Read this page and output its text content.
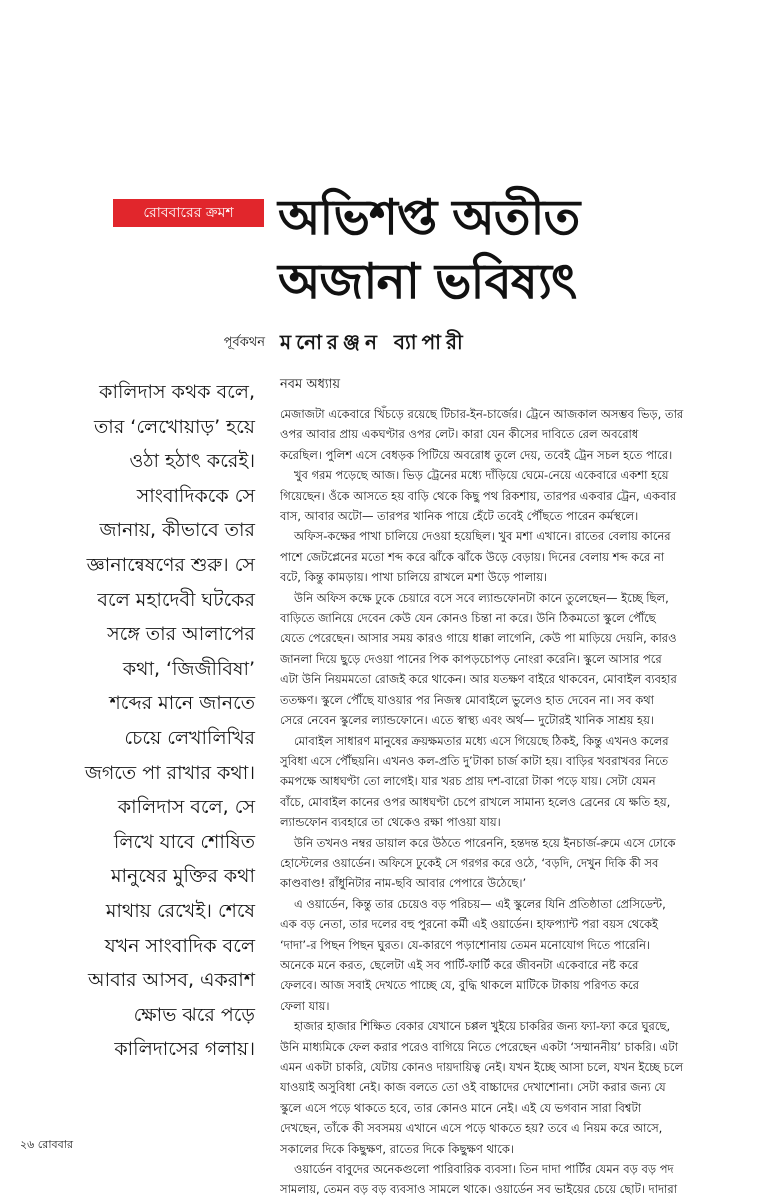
রোববারের ক্রমশ অভিশপ্ত অতীত
অজানা ভবিষ্যৎ
পূর্বকথন মনোরঞ্জন ব্যাপারী
কালিদাস কথক বলে,
তার ‘লেখোয়াড়’ হয়ে
ওঠা হঠাৎ করেই।
সাংবাদিককে সে
জানায়, কীভাবে তার
জ্ঞানান্বেষণের শুরু। সে
বলে মহাদেবী ঘটকের
সঙ্গে তার আলাপের
কথা, ‘জিজীবিষা’
শব্দের মানে জানতে
চেয়ে লেখালিখির
জগতে পা রাখার কথা।
কালিদাস বলে, সে
লিখে যাবে শোষিত
মানুষের মুক্তির কথা
মাথায় রেখেই। শেষে
যখন সাংবাদিক বলে
আবার আসব, একরাশ
ক্ষোভ ঝরে পড়ে
কালিদাসের গলায়।
নবম অধ্যায়
মেজাজটা একেবারে খিঁচড়ে রয়েছে টিচার-ইন-চার্জের। ট্রেনে আজকাল অসম্ভব ভিড়, তার
ওপর আবার প্রায় একঘণ্টার ওপর লেট। কারা যেন কীসের দাবিতে রেল অবরোধ
করেছিল। পুলিশ এসে বেধড়ক পিটিয়ে অবরোধ তুলে দেয়, তবেই ট্রেন সচল হতে পারে।
খুব গরম পড়েছে আজ। ভিড় ট্রেনের মধ্যে দাঁড়িয়ে ঘেমে-নেয়ে একেবারে একশা হয়ে
গিয়েছেন। ওঁকে আসতে হয় বাড়ি থেকে কিছু পথ রিকশায়, তারপর একবার ট্রেন, একবার
বাস, আবার অটো— তারপর খানিক পায়ে হেঁটে তবেই পৌঁছতে পারেন কর্মস্থলে।
অফিস-কক্ষের পাখা চালিয়ে দেওয়া হয়েছিল। খুব মশা এখানে। রাতের বেলায় কানের
পাশে জেটপ্লেনের মতো শব্দ করে ঝাঁকে ঝাঁকে উড়ে বেড়ায়। দিনের বেলায় শব্দ করে না
বটে, কিন্তু কামড়ায়। পাখা চালিয়ে রাখলে মশা উড়ে পালায়।
উনি অফিস কক্ষে ঢুকে চেয়ারে বসে সবে ল্যান্ডফোনটা কানে তুলেছেন— ইচ্ছে ছিল,
বাড়িতে জানিয়ে দেবেন কেউ যেন কোনও চিন্তা না করে। উনি ঠিকমতো স্কুলে পৌঁছে
যেতে পেরেছেন। আসার সময় কারও গায়ে ধাক্কা লাগেনি, কেউ পা মাড়িয়ে দেয়নি, কারও
জানলা দিয়ে ছুড়ে দেওয়া পানের পিক কাপড়চোপড় নোংরা করেনি। স্কুলে আসার পরে
এটা উনি নিয়মমতো রোজই করে থাকেন। আর যতক্ষণ বাইরে থাকবেন, মোবাইল ব্যবহার
ততক্ষণ। স্কুলে পৌঁছে যাওয়ার পর নিজস্ব মোবাইলে ভুলেও হাত দেবেন না। সব কথা
সেরে নেবেন স্কুলের ল্যান্ডফোনে। এতে স্বাস্থ্য এবং অর্থ— দুটোরই খানিক সাশ্রয় হয়।
মোবাইল সাধারণ মানুষের ক্রয়ক্ষমতার মধ্যে এসে গিয়েছে ঠিকই, কিন্তু এখনও কলের
সুবিধা এসে পৌঁছয়নি। এখনও কল-প্রতি দু’টাকা চার্জ কাটা হয়। বাড়ির খবরাখবর নিতে
কমপক্ষে আধঘণ্টা তো লাগেই। যার খরচ প্রায় দশ-বারো টাকা পড়ে যায়। সেটা যেমন
বাঁচে, মোবাইল কানের ওপর আধঘণ্টা চেপে রাখলে সামান্য হলেও ব্রেনের যে ক্ষতি হয়,
ল্যান্ডফোন ব্যবহারে তা থেকেও রক্ষা পাওয়া যায়।
উনি তখনও নম্বর ডায়াল করে উঠতে পারেননি, হন্তদন্ত হয়ে ইনচার্জ-রুমে এসে ঢোকে
হোস্টেলের ওয়ার্ডেন। অফিসে ঢুকেই সে গরগর করে ওঠে, ‘বড়দি, দেখুন দিকি কী সব
কাণ্ডবাণ্ড! রাঁধুনিটার নাম-ছবি আবার পেপারে উঠেছে।’
এ ওয়ার্ডেন, কিন্তু তার চেয়েও বড় পরিচয়— এই স্কুলের যিনি প্রতিষ্ঠাতা প্রেসিডেন্ট,
এক বড় নেতা, তার দলের বহু পুরনো কর্মী এই ওয়ার্ডেন। হাফপ্যান্ট পরা বয়স থেকেই
‘দাদা’-র পিছন পিছন ঘুরত। যে-কারণে পড়াশোনায় তেমন মনোযোগ দিতে পারেনি।
অনেকে মনে করত, ছেলেটা এই সব পার্টি-ফার্টি করে জীবনটা একেবারে নষ্ট করে
ফেলবে। আজ সবাই দেখতে পাচ্ছে যে, বুদ্ধি থাকলে মাটিকে টাকায় পরিণত করে
ফেলা যায়।
হাজার হাজার শিক্ষিত বেকার যেখানে চপ্পল খুইয়ে চাকরির জন্য ফ্যা-ফ্যা করে ঘুরছে,
উনি মাধ্যমিকে ফেল করার পরেও বাগিয়ে নিতে পেরেছেন একটা ‘সম্মাননীয়’ চাকরি। এটা
এমন একটা চাকরি, যেটায় কোনও দায়দায়িত্ব নেই। যখন ইচ্ছে আসা চলে, যখন ইচ্ছে চলে
যাওয়াই অসুবিধা নেই। কাজ বলতে তো ওই বাচ্চাদের দেখাশোনা। সেটা করার জন্য যে
স্কুলে এসে পড়ে থাকতে হবে, তার কোনও মানে নেই। এই যে ভগবান সারা বিশ্বটা
দেখছেন, তাঁকে কী সবসময় এখানে এসে পড়ে থাকতে হয়? তবে এ নিয়ম করে আসে,
সকালের দিকে কিছুক্ষণ, রাতের দিকে কিছুক্ষণ থাকে।
ওয়ার্ডেন বাবুদের অনেকগুলো পারিবারিক ব্যবসা। তিন দাদা পার্টির যেমন বড় বড় পদ
সামলায়, তেমন বড় বড় ব্যবসাও সামলে থাকে। ওয়ার্ডেন সব ভাইয়ের চেয়ে ছোট। দাদারা
২৬ রোববার
